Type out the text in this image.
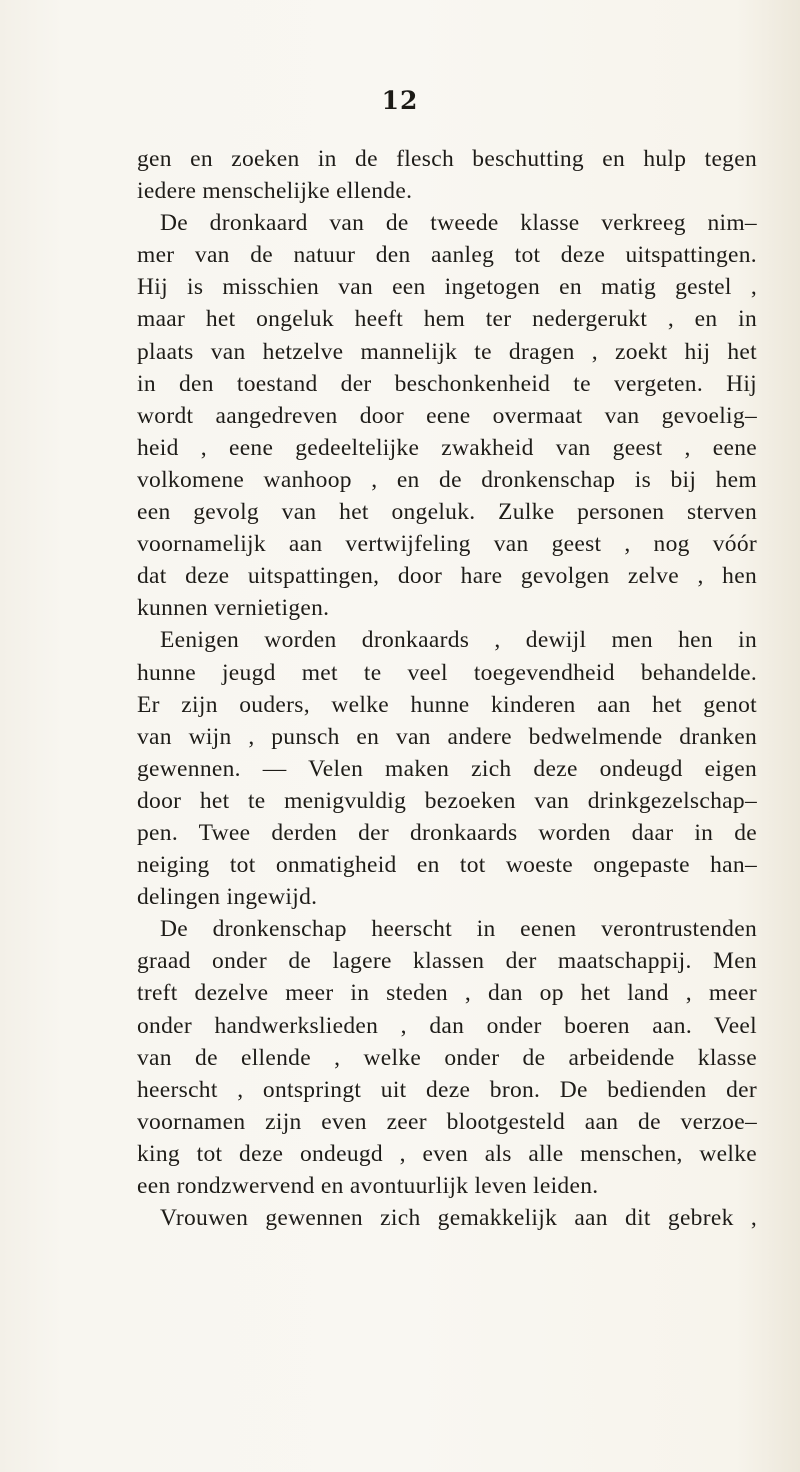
12
gen en zoeken in de flesch beschutting en hulp tegen
iedere menschelijke ellende.
De dronkaard van de tweede klasse verkreeg nim–
mer van de natuur den aanleg tot deze uitspattingen.
Hij is misschien van een ingetogen en matig gestel ,
maar het ongeluk heeft hem ter nedergerukt , en in
plaats van hetzelve mannelijk te dragen , zoekt hij het
in den toestand der beschonkenheid te vergeten. Hij
wordt aangedreven door eene overmaat van gevoelig–
heid , eene gedeeltelijke zwakheid van geest , eene
volkomene wanhoop , en de dronkenschap is bij hem
een gevolg van het ongeluk. Zulke personen sterven
voornamelijk aan vertwijfeling van geest , nog vóór
dat deze uitspattingen, door hare gevolgen zelve , hen
kunnen vernietigen.
Eenigen worden dronkaards , dewijl men hen in
hunne jeugd met te veel toegevendheid behandelde.
Er zijn ouders, welke hunne kinderen aan het genot
van wijn , punsch en van andere bedwelmende dranken
gewennen. — Velen maken zich deze ondeugd eigen
door het te menigvuldig bezoeken van drinkgezelschap–
pen. Twee derden der dronkaards worden daar in de
neiging tot onmatigheid en tot woeste ongepaste han–
delingen ingewijd.
De dronkenschap heerscht in eenen verontrustenden
graad onder de lagere klassen der maatschappij. Men
treft dezelve meer in steden , dan op het land , meer
onder handwerkslieden , dan onder boeren aan. Veel
van de ellende , welke onder de arbeidende klasse
heerscht , ontspringt uit deze bron. De bedienden der
voornamen zijn even zeer blootgesteld aan de verzoe–
king tot deze ondeugd , even als alle menschen, welke
een rondzwervend en avontuurlijk leven leiden.
Vrouwen gewennen zich gemakkelijk aan dit gebrek ,
